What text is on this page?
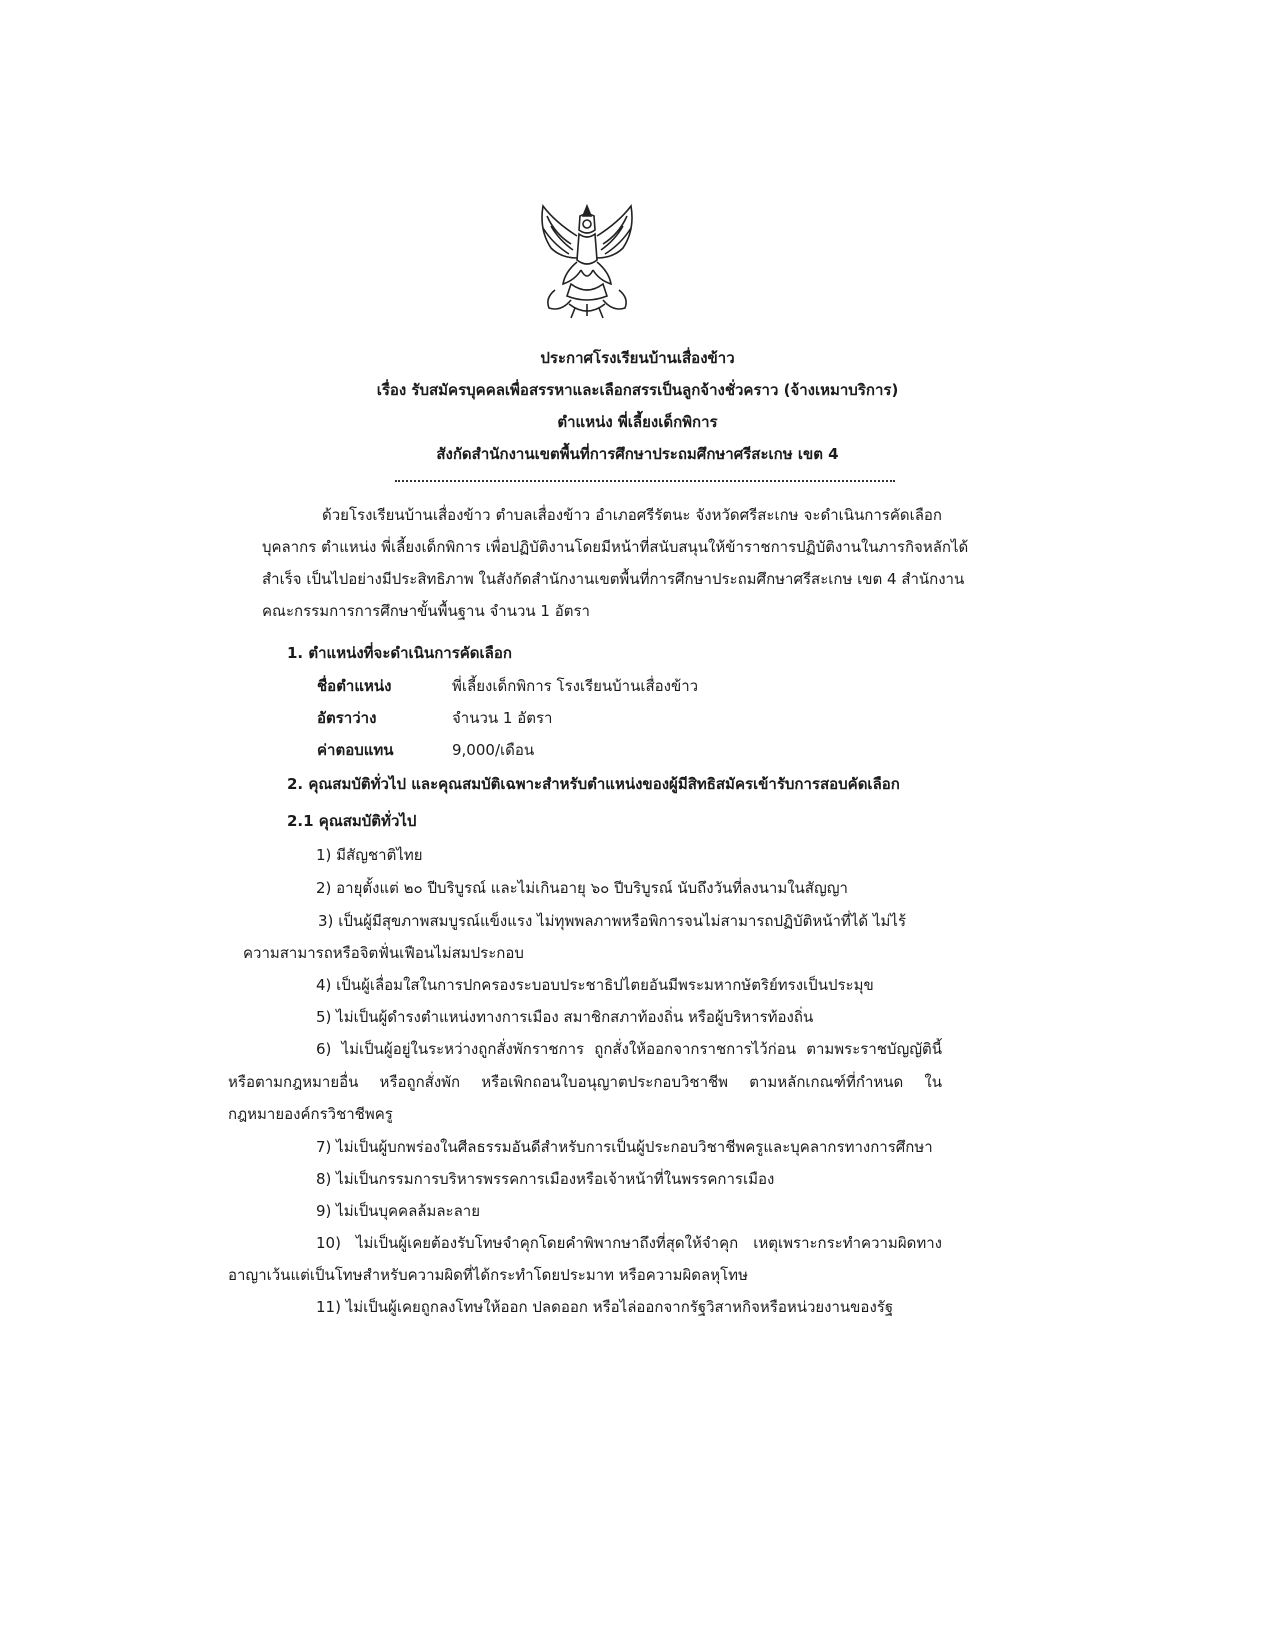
ประกาศโรงเรียนบ้านเสื่องข้าว
เรื่อง รับสมัครบุคคลเพื่อสรรหาและเลือกสรรเป็นลูกจ้างชั่วคราว (จ้างเหมาบริการ)
ตำแหน่ง พี่เลี้ยงเด็กพิการ
สังกัดสำนักงานเขตพื้นที่การศึกษาประถมศึกษาศรีสะเกษ เขต 4
ด้วยโรงเรียนบ้านเสื่องข้าว ตำบลเสื่องข้าว อำเภอศรีรัตนะ จังหวัดศรีสะเกษ จะดำเนินการคัดเลือก
บุคลากร ตำแหน่ง พี่เลี้ยงเด็กพิการ เพื่อปฏิบัติงานโดยมีหน้าที่สนับสนุนให้ข้าราชการปฏิบัติงานในภารกิจหลักได้
สำเร็จ เป็นไปอย่างมีประสิทธิภาพ ในสังกัดสำนักงานเขตพื้นที่การศึกษาประถมศึกษาศรีสะเกษ เขต 4 สำนักงาน
คณะกรรมการการศึกษาขั้นพื้นฐาน จำนวน 1 อัตรา
1. ตำแหน่งที่จะดำเนินการคัดเลือก
ชื่อตำแหน่ง	พี่เลี้ยงเด็กพิการ โรงเรียนบ้านเสื่องข้าว
อัตราว่าง	จำนวน 1 อัตรา
ค่าตอบแทน	9,000/เดือน
2. คุณสมบัติทั่วไป และคุณสมบัติเฉพาะสำหรับตำแหน่งของผู้มีสิทธิสมัครเข้ารับการสอบคัดเลือก
2.1 คุณสมบัติทั่วไป
1) มีสัญชาติไทย
2) อายุตั้งแต่ ๒๐ ปีบริบูรณ์ และไม่เกินอายุ ๖๐ ปีบริบูรณ์ นับถึงวันที่ลงนามในสัญญา
3) เป็นผู้มีสุขภาพสมบูรณ์แข็งแรง ไม่ทุพพลภาพหรือพิการจนไม่สามารถปฏิบัติหน้าที่ได้ ไม่ไร้
ความสามารถหรือจิตฟั่นเฟือนไม่สมประกอบ
4) เป็นผู้เลื่อมใสในการปกครองระบอบประชาธิปไตยอันมีพระมหากษัตริย์ทรงเป็นประมุข
5) ไม่เป็นผู้ดำรงตำแหน่งทางการเมือง สมาชิกสภาท้องถิ่น หรือผู้บริหารท้องถิ่น
6) ไม่เป็นผู้อยู่ในระหว่างถูกสั่งพักราชการ ถูกสั่งให้ออกจากราชการไว้ก่อน ตามพระราชบัญญัตินี้
หรือตามกฎหมายอื่น หรือถูกสั่งพัก หรือเพิกถอนใบอนุญาตประกอบวิชาชีพ ตามหลักเกณฑ์ที่กำหนด ใน
กฎหมายองค์กรวิชาชีพครู
7) ไม่เป็นผู้บกพร่องในศีลธรรมอันดีสำหรับการเป็นผู้ประกอบวิชาชีพครูและบุคลากรทางการศึกษา
8) ไม่เป็นกรรมการบริหารพรรคการเมืองหรือเจ้าหน้าที่ในพรรคการเมือง
9) ไม่เป็นบุคคลล้มละลาย
10) ไม่เป็นผู้เคยต้องรับโทษจำคุกโดยคำพิพากษาถึงที่สุดให้จำคุก เหตุเพราะกระทำความผิดทาง
อาญาเว้นแต่เป็นโทษสำหรับความผิดที่ได้กระทำโดยประมาท หรือความผิดลหุโทษ
11) ไม่เป็นผู้เคยถูกลงโทษให้ออก ปลดออก หรือไล่ออกจากรัฐวิสาหกิจหรือหน่วยงานของรัฐ
